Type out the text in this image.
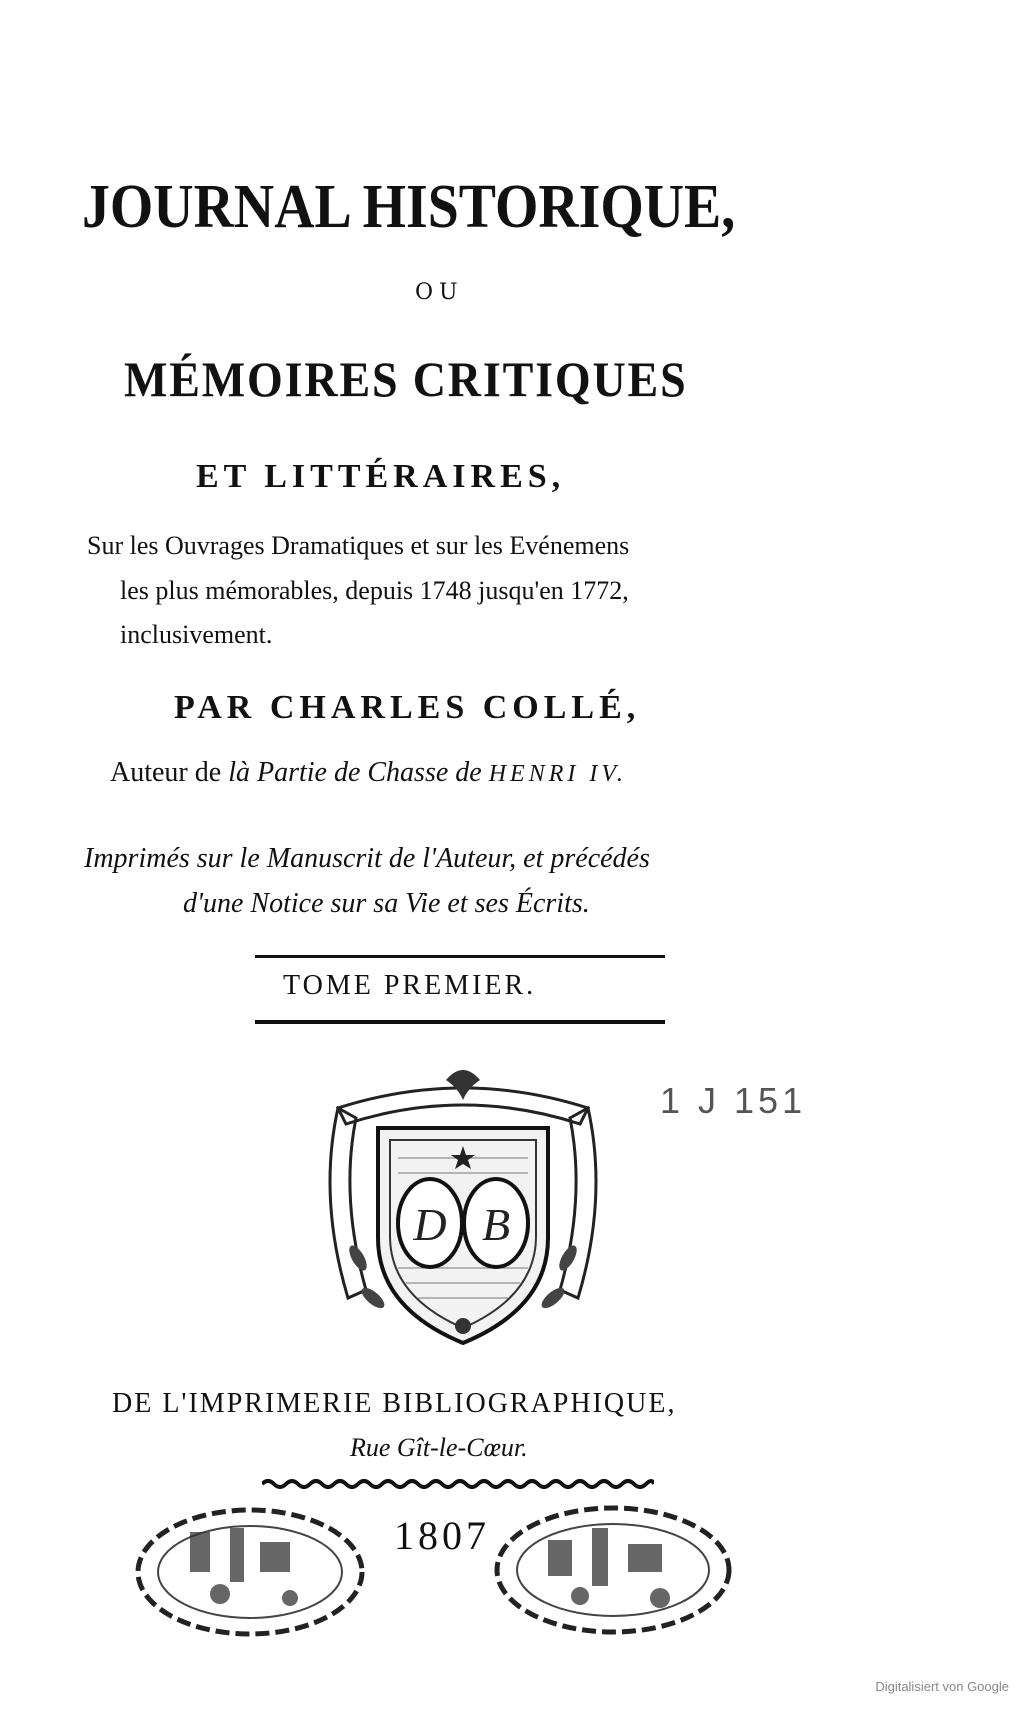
JOURNAL HISTORIQUE,
OU
MÉMOIRES CRITIQUES
ET LITTÉRAIRES,
Sur les Ouvrages Dramatiques et sur les Evénemens
les plus mémorables, depuis 1748 jusqu'en 1772,
inclusivement.
PAR CHARLES COLLÉ,
Auteur de là Partie de Chasse de HENRI IV.
Imprimés sur le Manuscrit de l'Auteur, et précédés
d'une Notice sur sa Vie et ses Écrits.
TOME PREMIER.
D B
1 J 151
DE L'IMPRIMERIE BIBLIOGRAPHIQUE,
Rue Gît-le-Cœur.
1807
Digitalisiert von Google
